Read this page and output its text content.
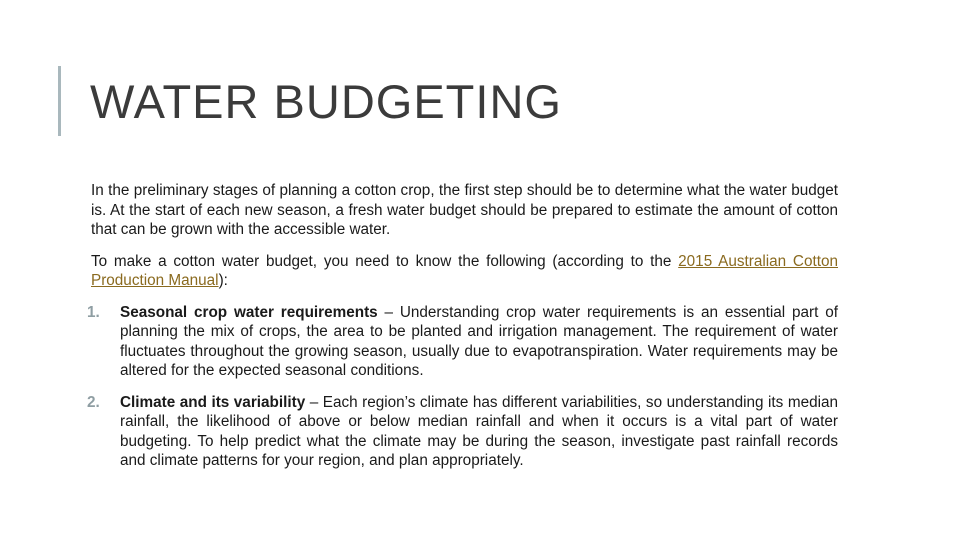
WATER BUDGETING

In the preliminary stages of planning a cotton crop, the first step should be to determine what the water budget is. At the start of each new season, a fresh water budget should be prepared to estimate the amount of cotton that can be grown with the accessible water.

To make a cotton water budget, you need to know the following (according to the 2015 Australian Cotton Production Manual):

1. Seasonal crop water requirements – Understanding crop water requirements is an essential part of planning the mix of crops, the area to be planted and irrigation management. The requirement of water fluctuates throughout the growing season, usually due to evapotranspiration. Water requirements may be altered for the expected seasonal conditions.
2. Climate and its variability – Each region’s climate has different variabilities, so understanding its median rainfall, the likelihood of above or below median rainfall and when it occurs is a vital part of water budgeting. To help predict what the climate may be during the season, investigate past rainfall records and climate patterns for your region, and plan appropriately.
